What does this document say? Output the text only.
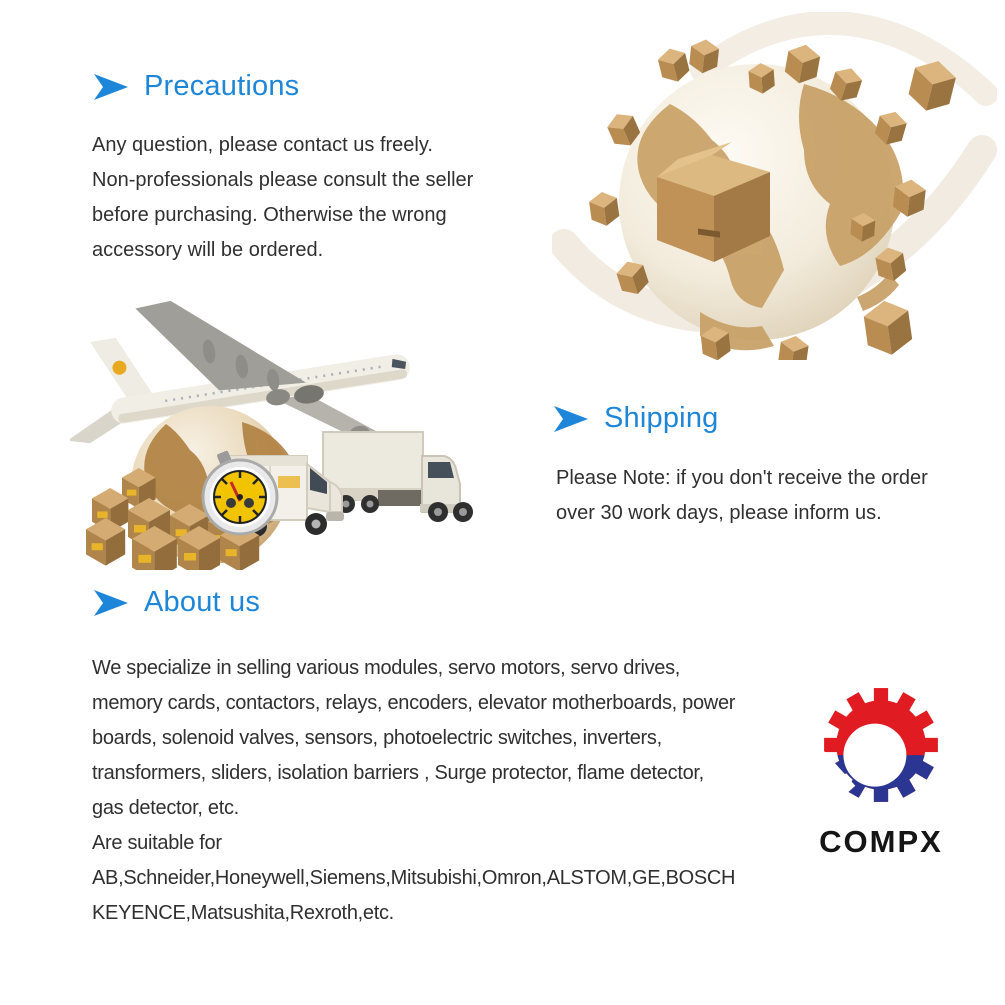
Precautions
Any question, please contact us freely.
Non-professionals please consult the seller
before purchasing. Otherwise the wrong
accessory will be ordered.
Shipping
Please Note: if you don't receive the order
over 30 work days, please inform us.
About us
We specialize in selling various modules, servo motors, servo drives,
memory cards, contactors, relays, encoders, elevator motherboards, power
boards, solenoid valves, sensors, photoelectric switches, inverters,
transformers, sliders, isolation barriers , Surge protector, flame detector,
gas detector, etc.
Are suitable for
AB,Schneider,Honeywell,Siemens,Mitsubishi,Omron,ALSTOM,GE,BOSCH
KEYENCE,Matsushita,Rexroth,etc.
COMPX
